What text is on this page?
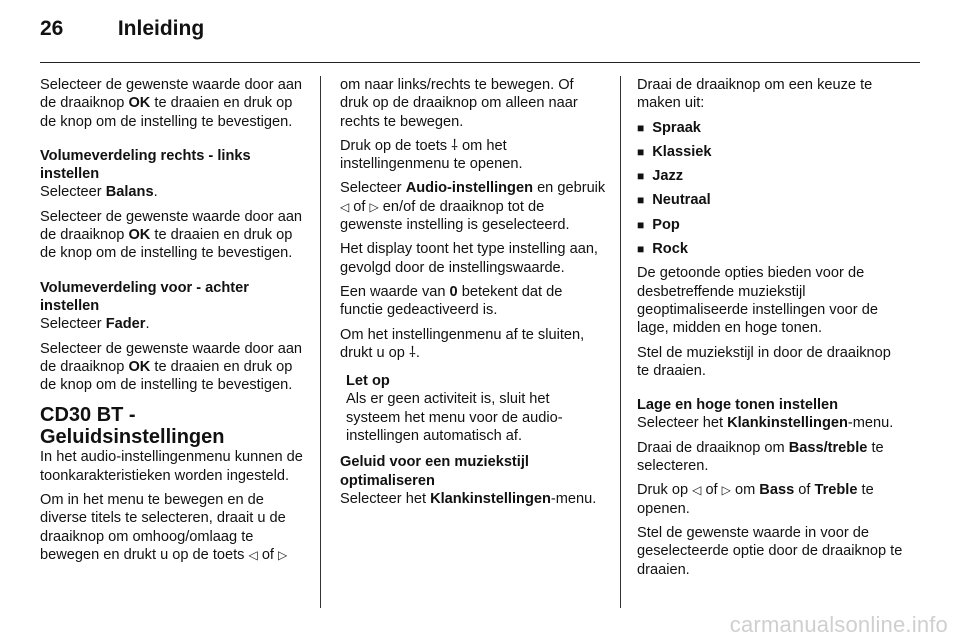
26	Inleiding

Selecteer de gewenste waarde door aan de draaiknop OK te draaien en druk op de knop om de instelling te bevestigen.

Volumeverdeling rechts - links instellen

Selecteer Balans.

Selecteer de gewenste waarde door aan de draaiknop OK te draaien en druk op de knop om de instelling te bevestigen.

Volumeverdeling voor - achter instellen

Selecteer Fader.

Selecteer de gewenste waarde door aan de draaiknop OK te draaien en druk op de knop om de instelling te bevestigen.

CD30 BT - Geluidsinstellingen

In het audio-instellingenmenu kunnen de toonkarakteristieken worden ingesteld.

Om in het menu te bewegen en de diverse titels te selecteren, draait u de draaiknop om omhoog/omlaag te bewegen en drukt u op de toets ◁ of ▷

om naar links/rechts te bewegen. Of druk op de draaiknop om alleen naar rechts te bewegen.

Druk op de toets ⸸ om het instellingenmenu te openen.

Selecteer Audio-instellingen en gebruik ◁ of ▷ en/of de draaiknop tot de gewenste instelling is geselecteerd.

Het display toont het type instelling aan, gevolgd door de instellingswaarde.

Een waarde van 0 betekent dat de functie gedeactiveerd is.

Om het instellingenmenu af te sluiten, drukt u op ⸸.

Let op
Als er geen activiteit is, sluit het systeem het menu voor de audio-instellingen automatisch af.
Geluid voor een muziekstijl optimaliseren

Selecteer het Klankinstellingen-menu.

Draai de draaiknop om een keuze te maken uit:

■ Spraak
■ Klassiek
■ Jazz
■ Neutraal
■ Pop
■ Rock

De getoonde opties bieden voor de desbetreffende muziekstijl geoptimaliseerde instellingen voor de lage, midden en hoge tonen.

Stel de muziekstijl in door de draaiknop te draaien.

Lage en hoge tonen instellen

Selecteer het Klankinstellingen-menu.

Draai de draaiknop om Bass/treble te selecteren.

Druk op ◁ of ▷ om Bass of Treble te openen.

Stel de gewenste waarde in voor de geselecteerde optie door de draaiknop te draaien.

carmanualsonline.info
